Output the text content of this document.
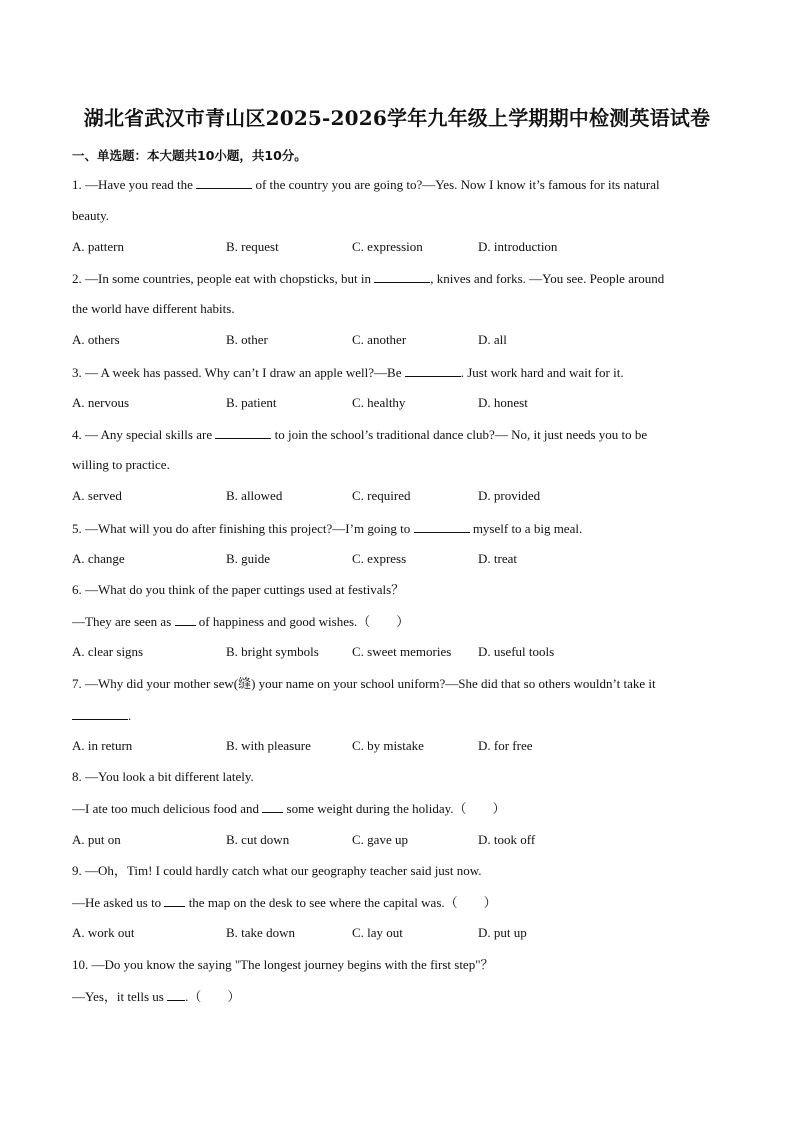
湖北省武汉市青山区2025-2026学年九年级上学期期中检测英语试卷
一、单选题：本大题共10小题，共10分。
1. —Have you read the	of the country you are going to?—Yes. Now I know it’s famous for its natural
beauty.
A. pattern	B. request	C. expression	D. introduction
2. —In some countries, people eat with chopsticks, but in	, knives and forks. —You see. People around
the world have different habits.
A. others	B. other	C. another	D. all
3. — A week has passed. Why can’t I draw an apple well?—Be	. Just work hard and wait for it.
A. nervous	B. patient	C. healthy	D. honest
4. — Any special skills are	to join the school’s traditional dance club?— No, it just needs you to be
willing to practice.
A. served	B. allowed	C. required	D. provided
5. —What will you do after finishing this project?—I’m going to	myself to a big meal.
A. change	B. guide	C. express	D. treat
6. —What do you think of the paper cuttings used at festivals？
—They are seen as  of happiness and good wishes.（　　）
A. clear signs	B. bright symbols	C. sweet memories D. useful tools
7. —Why did your mother sew(缝) your name on your school uniform?—She did that so others wouldn’t take it
.
A. in return	B. with pleasure	C. by mistake	D. for free
8. —You look a bit different lately.
—I ate too much delicious food and  some weight during the holiday.（　　）
A. put on	B. cut down	C. gave up	D. took off
9. —Oh，Tim! I could hardly catch what our geography teacher said just now.
—He asked us to  the map on the desk to see where the capital was.（　　）
A. work out	B. take down	C. lay out	D. put up
10. —Do you know the saying "The longest journey begins with the first step"？
—Yes，it tells us .（　　）
